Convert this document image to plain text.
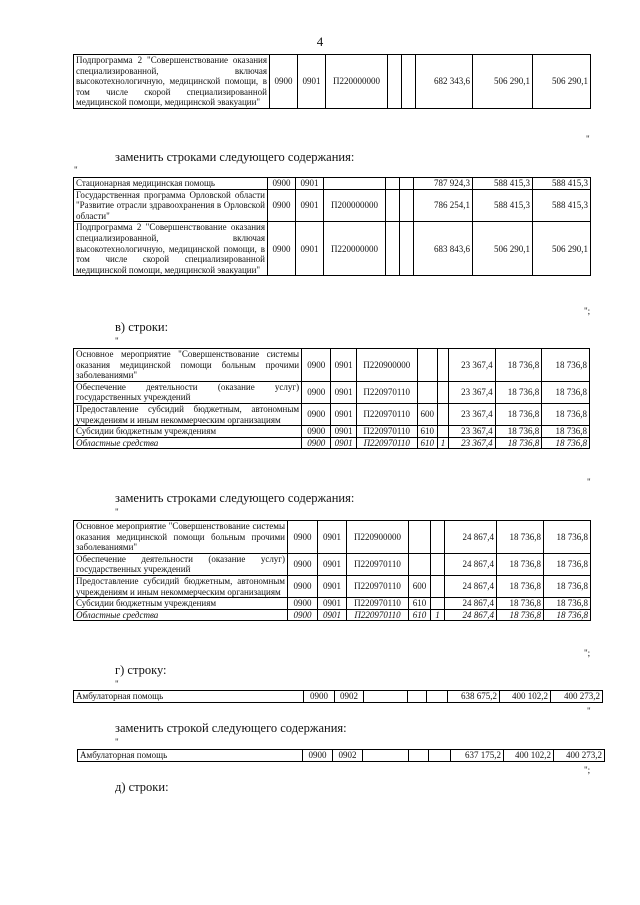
4
Подпрограмма 2 "Совершенствование оказания специализированной, включая высокотехнологичную, медицинской помощи, в том числе скорой специализированной медицинской помощи, медицинской эвакуации"	0900	0901	П220000000			682 343,6	506 290,1	506 290,1
"
заменить строками следующего содержания:
"
Стационарная медицинская помощь	0900	0901				787 924,3	588 415,3	588 415,3
Государственная программа Орловской области "Развитие отрасли здравоохранения в Орловской области"	0900	0901	П200000000			786 254,1	588 415,3	588 415,3
Подпрограмма 2 "Совершенствование оказания специализированной, включая высокотехнологичную, медицинской помощи, в том числе скорой специализированной медицинской помощи, медицинской эвакуации"	0900	0901	П220000000			683 843,6	506 290,1	506 290,1
";
в) строки:
"
Основное мероприятие "Совершенствование системы оказания медицинской помощи больным прочими заболеваниями"	0900	0901	П220900000			23 367,4	18 736,8	18 736,8
Обеспечение деятельности (оказание услуг) государственных учреждений	0900	0901	П220970110			23 367,4	18 736,8	18 736,8
Предоставление субсидий бюджетным, автономным учреждениям и иным некоммерческим организациям	0900	0901	П220970110	600		23 367,4	18 736,8	18 736,8
Субсидии бюджетным учреждениям	0900	0901	П220970110	610		23 367,4	18 736,8	18 736,8
Областные средства	0900	0901	П220970110	610	1	23 367,4	18 736,8	18 736,8
"
заменить строками следующего содержания:
"
Основное мероприятие "Совершенствование системы оказания медицинской помощи больным прочими заболеваниями"	0900	0901	П220900000			24 867,4	18 736,8	18 736,8
Обеспечение деятельности (оказание услуг) государственных учреждений	0900	0901	П220970110			24 867,4	18 736,8	18 736,8
Предоставление субсидий бюджетным, автономным учреждениям и иным некоммерческим организациям	0900	0901	П220970110	600		24 867,4	18 736,8	18 736,8
Субсидии бюджетным учреждениям	0900	0901	П220970110	610		24 867,4	18 736,8	18 736,8
Областные средства	0900	0901	П220970110	610	1	24 867,4	18 736,8	18 736,8
";
г) строку:
"
Амбулаторная помощь	0900	0902				638 675,2	400 102,2	400 273,2
"
заменить строкой следующего содержания:
"
Амбулаторная помощь	0900	0902				637 175,2	400 102,2	400 273,2
";
д) строки:
